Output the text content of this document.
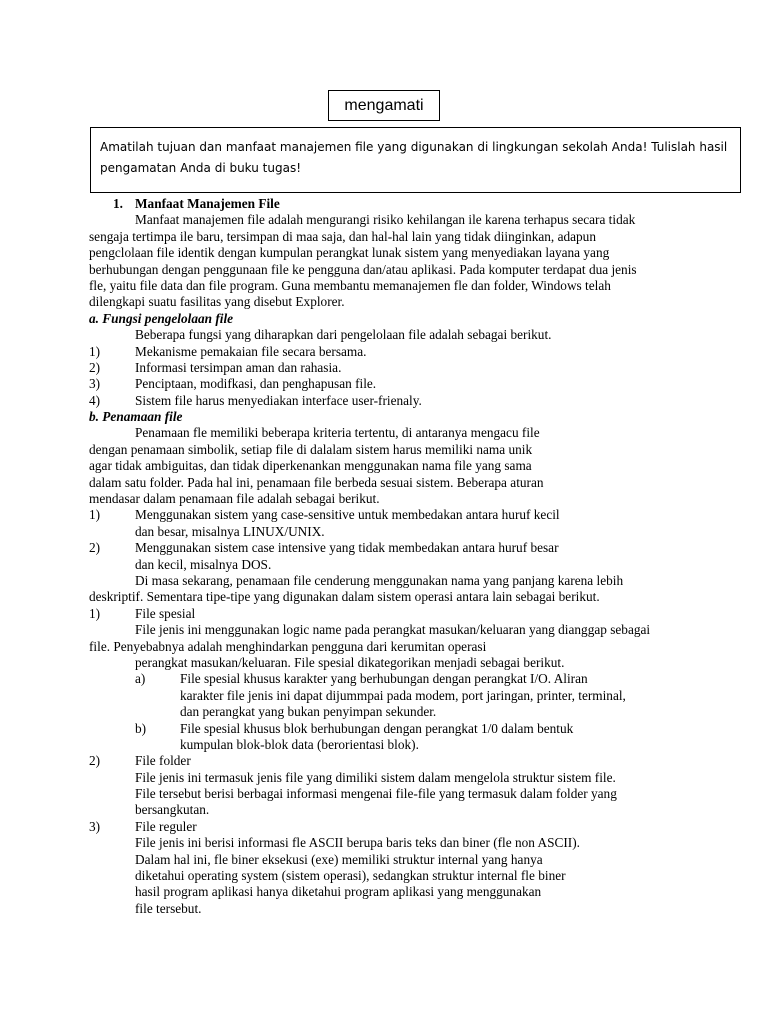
mengamati
Amatilah tujuan dan manfaat manajemen file yang digunakan di lingkungan sekolah Anda! Tulislah hasil pengamatan Anda di buku tugas!
1. Manfaat Manajemen File
Manfaat manajemen file adalah mengurangi risiko kehilangan ile karena terhapus secara tidak
sengaja tertimpa ile baru, tersimpan di maa saja, dan hal-hal lain yang tidak diinginkan, adapun
pengclolaan file identik dengan kumpulan perangkat lunak sistem yang menyediakan layana yang
berhubungan dengan penggunaan file ke pengguna dan/atau aplikasi. Pada komputer terdapat dua jenis
fle, yaitu file data dan file program. Guna membantu memanajemen fle dan folder, Windows telah
dilengkapi suatu fasilitas yang disebut Explorer.
a. Fungsi pengelolaan file
Beberapa fungsi yang diharapkan dari pengelolaan file adalah sebagai berikut.
1)	Mekanisme pemakaian file secara bersama.
2)	Informasi tersimpan aman dan rahasia.
3)	Penciptaan, modifkasi, dan penghapusan file.
4)	Sistem file harus menyediakan interface user-frienaly.
b. Penamaan file
Penamaan fle memiliki beberapa kriteria tertentu, di antaranya mengacu file
dengan penamaan simbolik, setiap file di dalalam sistem harus memiliki nama unik
agar tidak ambiguitas, dan tidak diperkenankan menggunakan nama file yang sama
dalam satu folder. Pada hal ini, penamaan file berbeda sesuai sistem. Beberapa aturan
mendasar dalam penamaan file adalah sebagai berikut.
1)	Menggunakan sistem yang case-sensitive untuk membedakan antara huruf kecil
dan besar, misalnya LINUX/UNIX.
2)	Menggunakan sistem case intensive yang tidak membedakan antara huruf besar
dan kecil, misalnya DOS.
Di masa sekarang, penamaan file cenderung menggunakan nama yang panjang karena lebih
deskriptif. Sementara tipe-tipe yang digunakan dalam sistem operasi antara lain sebagai berikut.
1)	File spesial
File jenis ini menggunakan logic name pada perangkat masukan/keluaran yang dianggap sebagai
file. Penyebabnya adalah menghindarkan pengguna dari kerumitan operasi
perangkat masukan/keluaran. File spesial dikategorikan menjadi sebagai berikut.
a)	File spesial khusus karakter yang berhubungan dengan perangkat I/O. Aliran
karakter file jenis ini dapat dijummpai pada modem, port jaringan, printer, terminal,
dan perangkat yang bukan penyimpan sekunder.
b)	File spesial khusus blok berhubungan dengan perangkat 1/0 dalam bentuk
kumpulan blok-blok data (berorientasi blok).
2)	File folder
File jenis ini termasuk jenis file yang dimiliki sistem dalam mengelola struktur sistem file.
File tersebut berisi berbagai informasi mengenai file-file yang termasuk dalam folder yang
bersangkutan.
3)	File reguler
File jenis ini berisi informasi fle ASCII berupa baris teks dan biner (fle non ASCII).
Dalam hal ini, fle biner eksekusi (exe) memiliki struktur internal yang hanya
diketahui operating system (sistem operasi), sedangkan struktur internal fle biner
hasil program aplikasi hanya diketahui program aplikasi yang menggunakan
file tersebut.
